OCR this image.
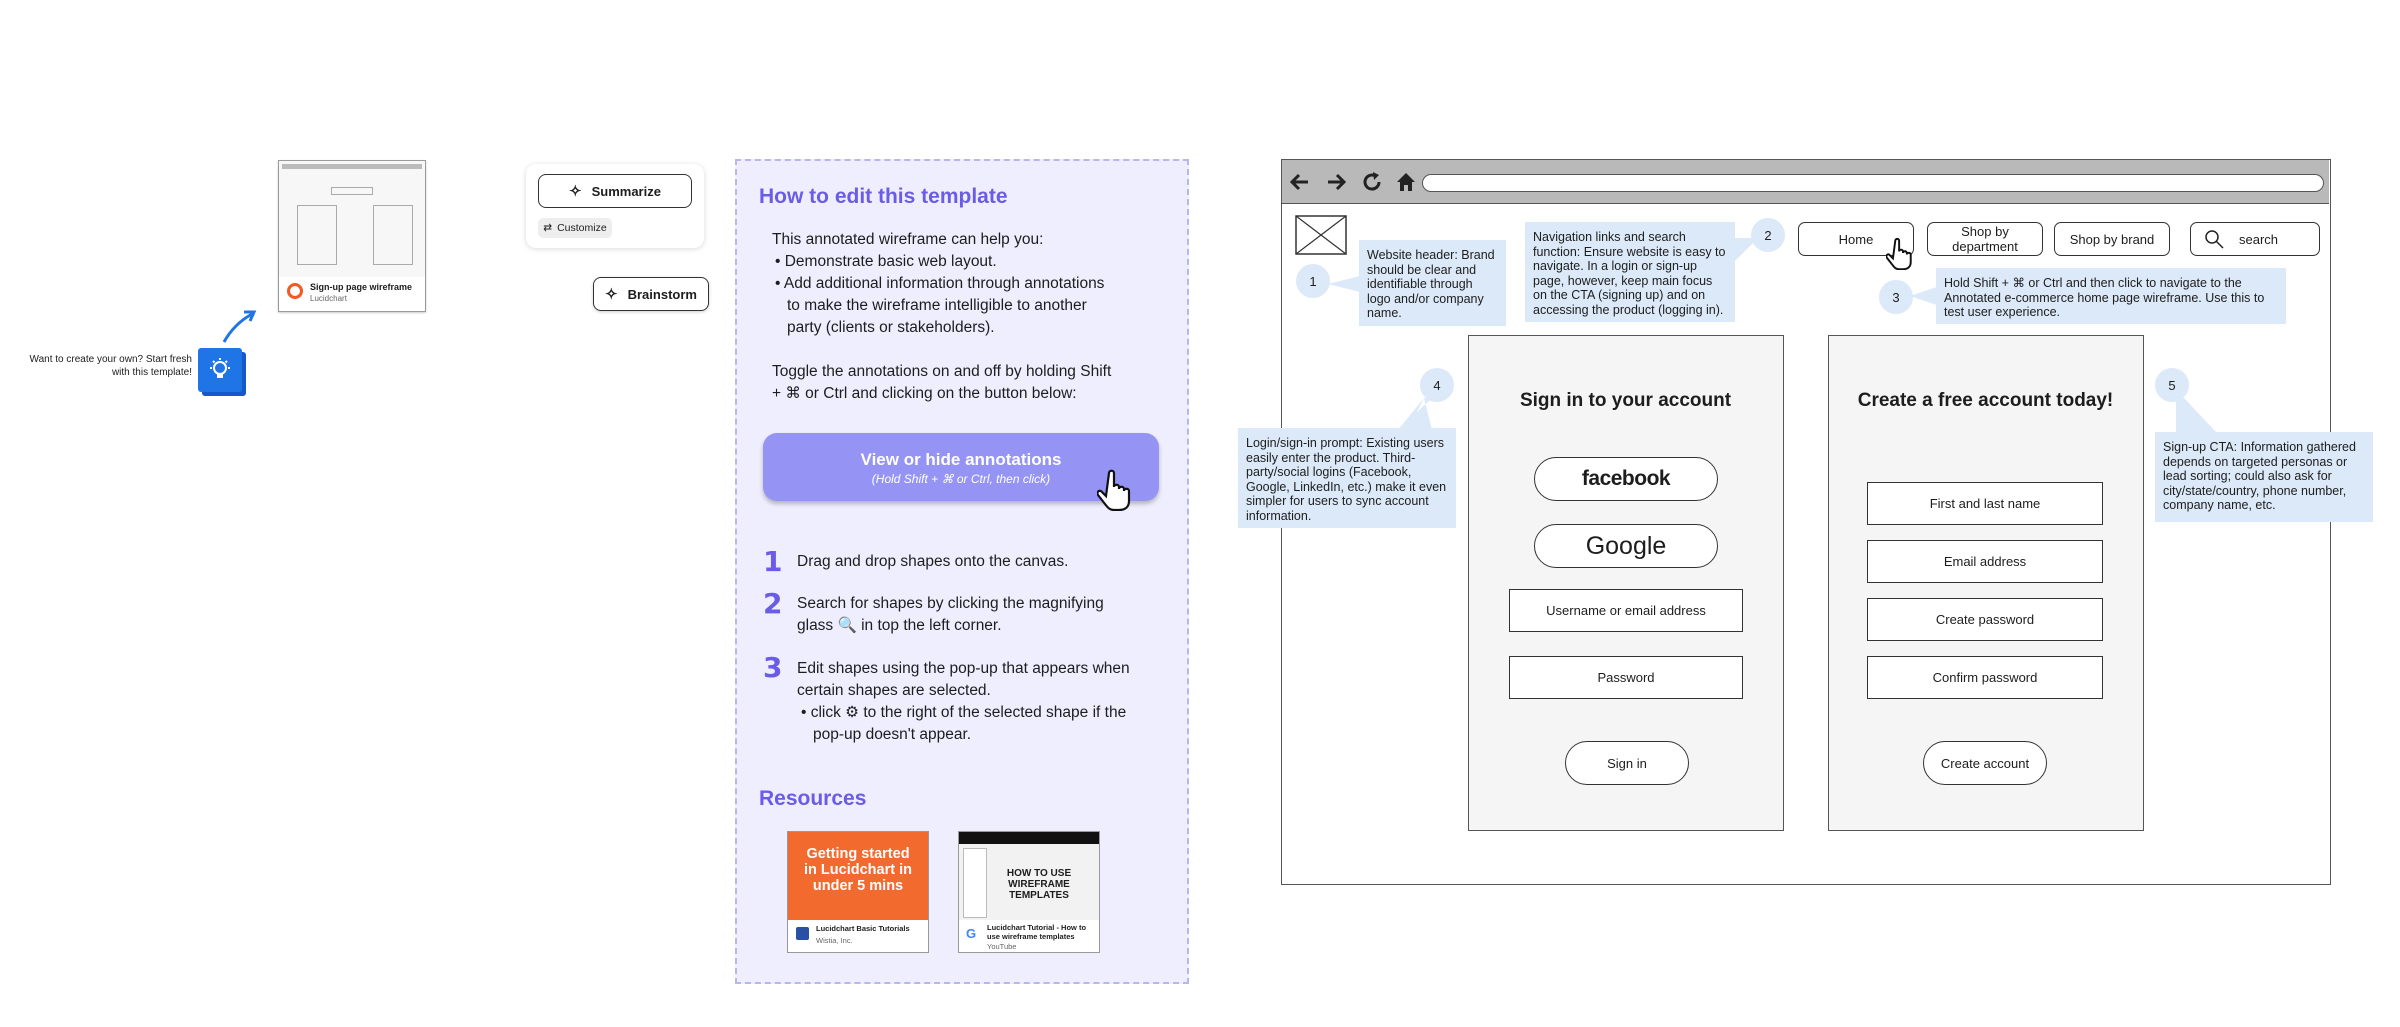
Want to create your own? Start fresh with this template!
Sign-up page wireframe
Lucidchart
✧ Summarize
⇄ Customize
✧ Brainstorm
How to edit this template
This annotated wireframe can help you:
• Demonstrate basic web layout.
• Add additional information through annotations
to make the wireframe intelligible to another
party (clients or stakeholders).
Toggle the annotations on and off by holding Shift
+ ⌘ or Ctrl and clicking on the button below:
View or hide annotations
(Hold Shift + ⌘ or Ctrl, then click)
1 Drag and drop shapes onto the canvas.
2 Search for shapes by clicking the magnifying
glass 🔍 in top the left corner.
3 Edit shapes using the pop-up that appears when
certain shapes are selected.
• click ⚙ to the right of the selected shape if the
pop-up doesn't appear.
Resources
Getting started in Lucidchart in under 5 mins
Lucidchart Basic Tutorials
Wistia, Inc.
HOW TO USE WIREFRAME TEMPLATES
G Lucidchart Tutorial - How to use wireframe templates
YouTube
Home	Shop by department	Shop by brand	search
Sign in to your account
facebook
Google
Username or email address
Password
Sign in
Create a free account today!
First and last name
Email address
Create password
Confirm password
Create account
1
Website header: Brand should be clear and identifiable through logo and/or company name.
2
Navigation links and search function: Ensure website is easy to navigate. In a login or sign-up page, however, keep main focus on the CTA (signing up) and on accessing the product (logging in).
3
Hold Shift + ⌘ or Ctrl and then click to navigate to the Annotated e-commerce home page wireframe. Use this to test user experience.
4
Login/sign-in prompt: Existing users easily enter the product. Third-party/social logins (Facebook, Google, LinkedIn, etc.) make it even simpler for users to sync account information.
5
Sign-up CTA: Information gathered depends on targeted personas or lead sorting; could also ask for city/state/country, phone number, company name, etc.
